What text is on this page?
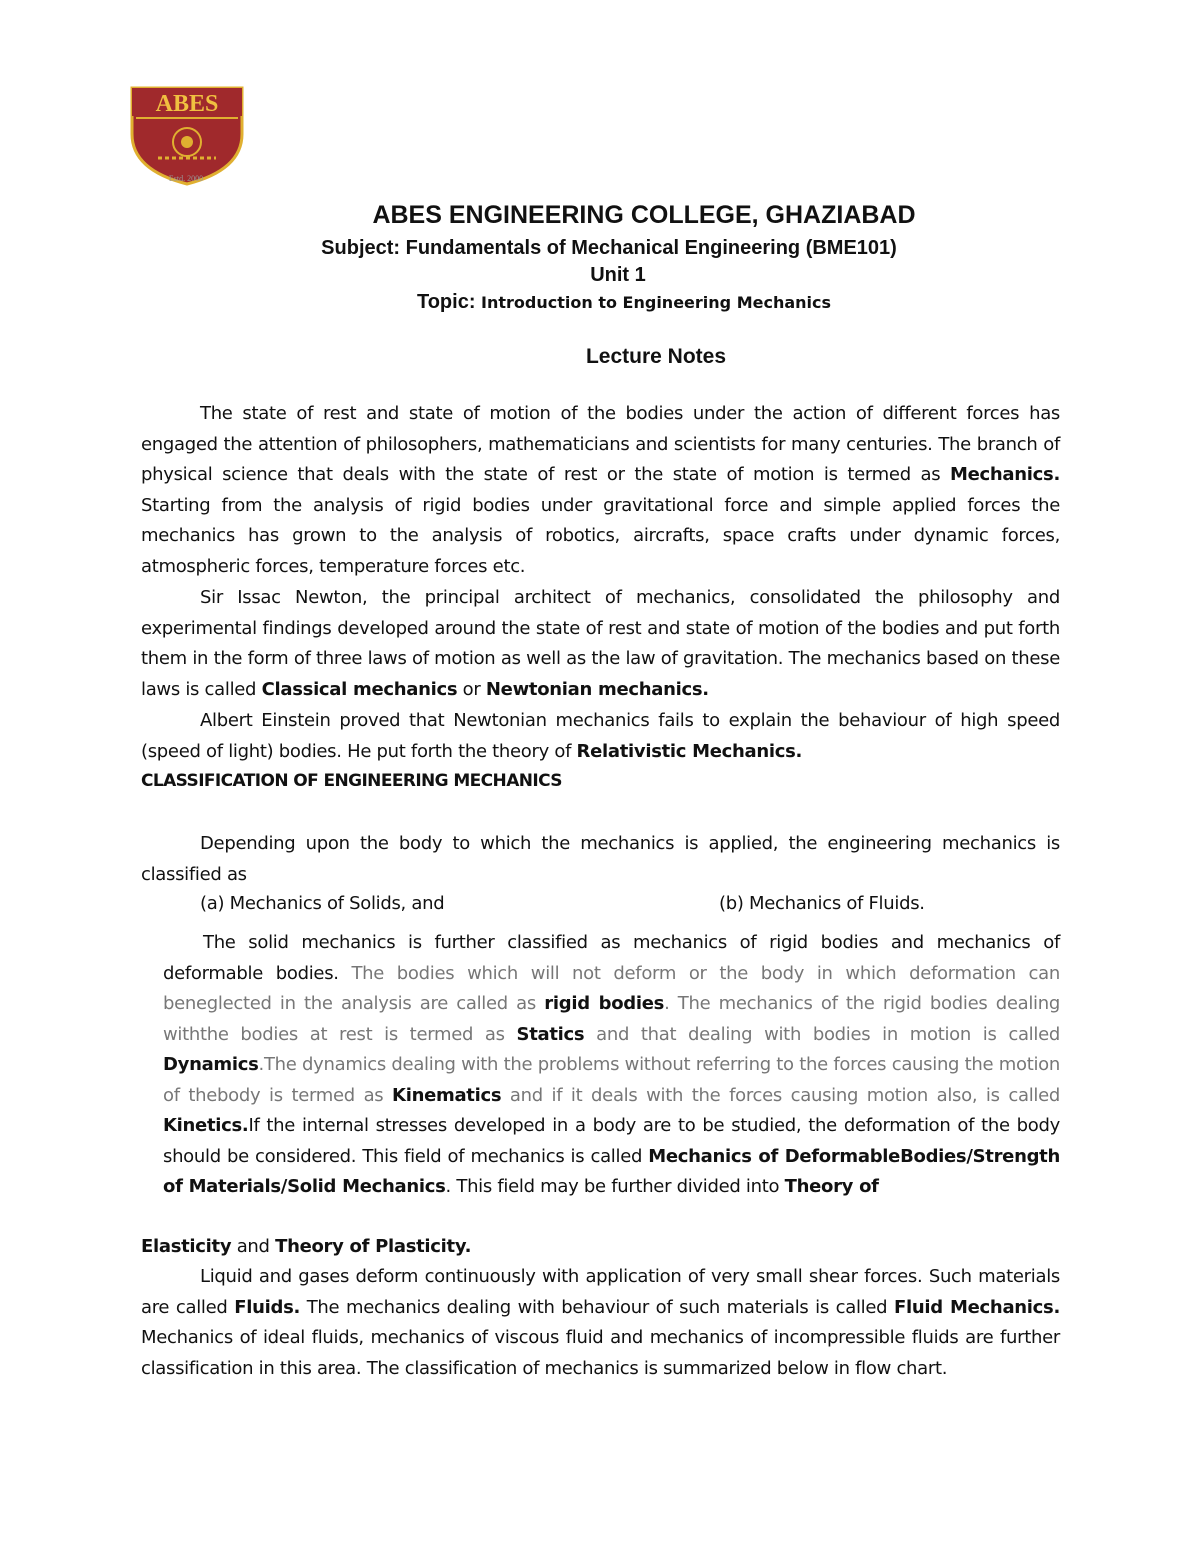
ABES
Estd. 2000
ABES ENGINEERING COLLEGE, GHAZIABAD
Subject: Fundamentals of Mechanical Engineering (BME101)
Unit 1
Topic: Introduction to Engineering Mechanics
Lecture Notes

The state of rest and state of motion of the bodies under the action of different forces has engaged the attention of philosophers, mathematicians and scientists for many centuries. The branch of physical science that deals with the state of rest or the state of motion is termed as Mechanics. Starting from the analysis of rigid bodies under gravitational force and simple applied forces the mechanics has grown to the analysis of robotics, aircrafts, space crafts under dynamic forces, atmospheric forces, temperature forces etc.

Sir Issac Newton, the principal architect of mechanics, consolidated the philosophy and experimental findings developed around the state of rest and state of motion of the bodies and put forth them in the form of three laws of motion as well as the law of gravitation. The mechanics based on these laws is called Classical mechanics or Newtonian mechanics.

Albert Einstein proved that Newtonian mechanics fails to explain the behaviour of high speed (speed of light) bodies. He put forth the theory of Relativistic Mechanics.

CLASSIFICATION OF ENGINEERING MECHANICS

Depending upon the body to which the mechanics is applied, the engineering mechanics is classified as

(a) Mechanics of Solids, and	(b) Mechanics of Fluids.

The solid mechanics is further classified as mechanics of rigid bodies and mechanics of deformable bodies. The bodies which will not deform or the body in which deformation can beneglected in the analysis are called as rigid bodies. The mechanics of the rigid bodies dealing withthe bodies at rest is termed as Statics and that dealing with bodies in motion is called Dynamics.The dynamics dealing with the problems without referring to the forces causing the motion of thebody is termed as Kinematics and if it deals with the forces causing motion also, is called Kinetics.If the internal stresses developed in a body are to be studied, the deformation of the body should be considered. This field of mechanics is called Mechanics of DeformableBodies/Strength of Materials/Solid Mechanics. This field may be further divided into Theory of

Elasticity and Theory of Plasticity.

Liquid and gases deform continuously with application of very small shear forces. Such materials are called Fluids. The mechanics dealing with behaviour of such materials is called Fluid Mechanics. Mechanics of ideal fluids, mechanics of viscous fluid and mechanics of incompressible fluids are further classification in this area. The classification of mechanics is summarized below in flow chart.
